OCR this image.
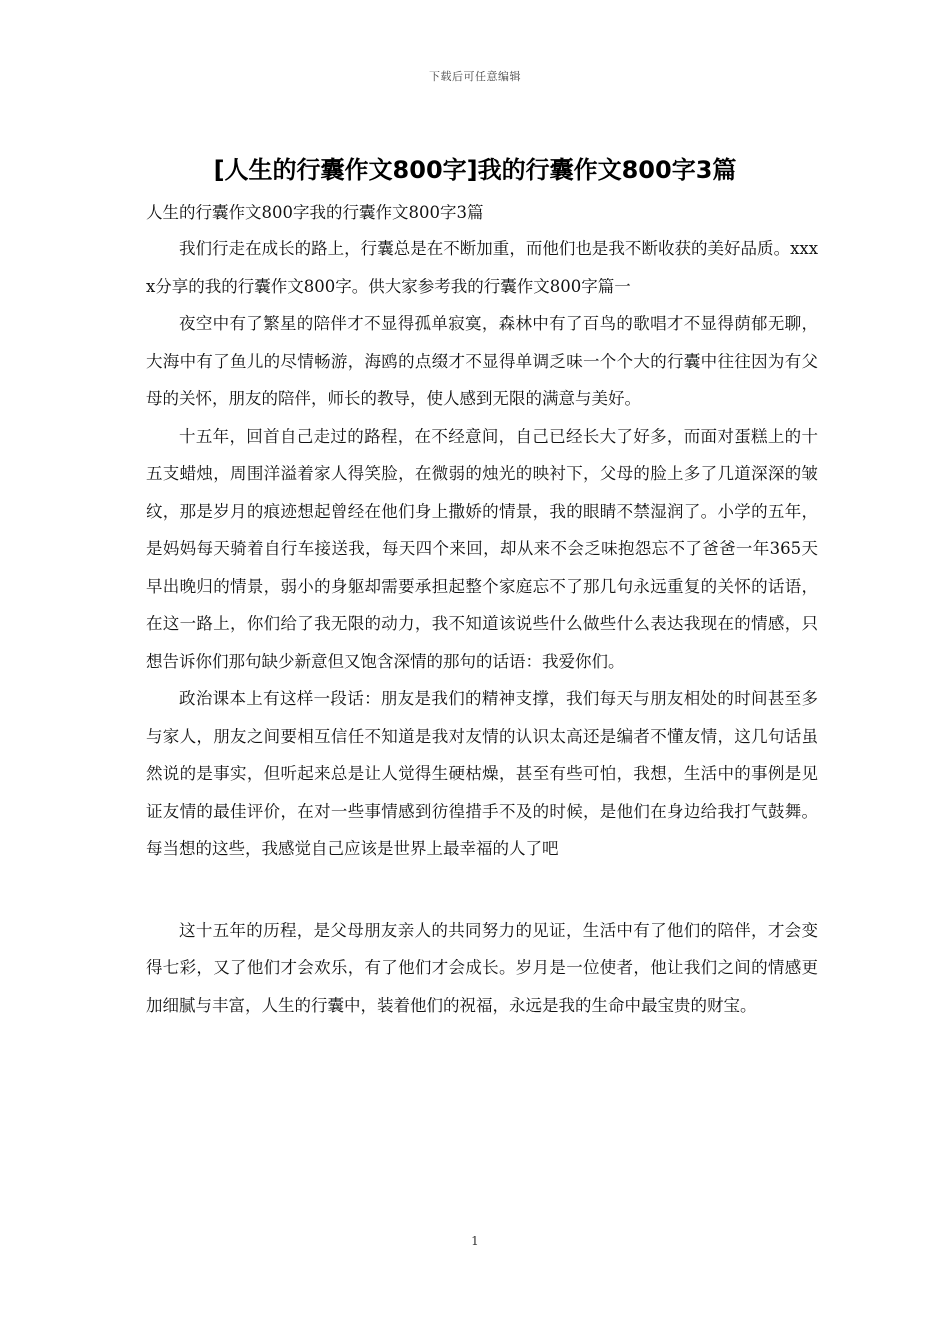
下载后可任意编辑
[人生的行囊作文800字]我的行囊作文800字3篇

人生的行囊作文800字我的行囊作文800字3篇

我们行走在成长的路上，行囊总是在不断加重，而他们也是我不断收获的美好品质。xxxx分享的我的行囊作文800字。供大家参考我的行囊作文800字篇一

夜空中有了繁星的陪伴才不显得孤单寂寞，森林中有了百鸟的歌唱才不显得荫郁无聊，大海中有了鱼儿的尽情畅游，海鸥的点缀才不显得单调乏味一个个大的行囊中往往因为有父母的关怀，朋友的陪伴，师长的教导，使人感到无限的满意与美好。

十五年，回首自己走过的路程，在不经意间，自己已经长大了好多，而面对蛋糕上的十五支蜡烛，周围洋溢着家人得笑脸，在微弱的烛光的映衬下，父母的脸上多了几道深深的皱纹，那是岁月的痕迹想起曾经在他们身上撒娇的情景，我的眼睛不禁湿润了。小学的五年，是妈妈每天骑着自行车接送我，每天四个来回，却从来不会乏味抱怨忘不了爸爸一年365天早出晚归的情景，弱小的身躯却需要承担起整个家庭忘不了那几句永远重复的关怀的话语，在这一路上，你们给了我无限的动力，我不知道该说些什么做些什么表达我现在的情感，只想告诉你们那句缺少新意但又饱含深情的那句的话语：我爱你们。

政治课本上有这样一段话：朋友是我们的精神支撑，我们每天与朋友相处的时间甚至多与家人，朋友之间要相互信任不知道是我对友情的认识太高还是编者不懂友情，这几句话虽然说的是事实，但听起来总是让人觉得生硬枯燥，甚至有些可怕，我想，生活中的事例是见证友情的最佳评价，在对一些事情感到彷徨措手不及的时候，是他们在身边给我打气鼓舞。每当想的这些，我感觉自己应该是世界上最幸福的人了吧

这十五年的历程，是父母朋友亲人的共同努力的见证，生活中有了他们的陪伴，才会变得七彩，又了他们才会欢乐，有了他们才会成长。岁月是一位使者，他让我们之间的情感更加细腻与丰富，人生的行囊中，装着他们的祝福，永远是我的生命中最宝贵的财宝。

1
